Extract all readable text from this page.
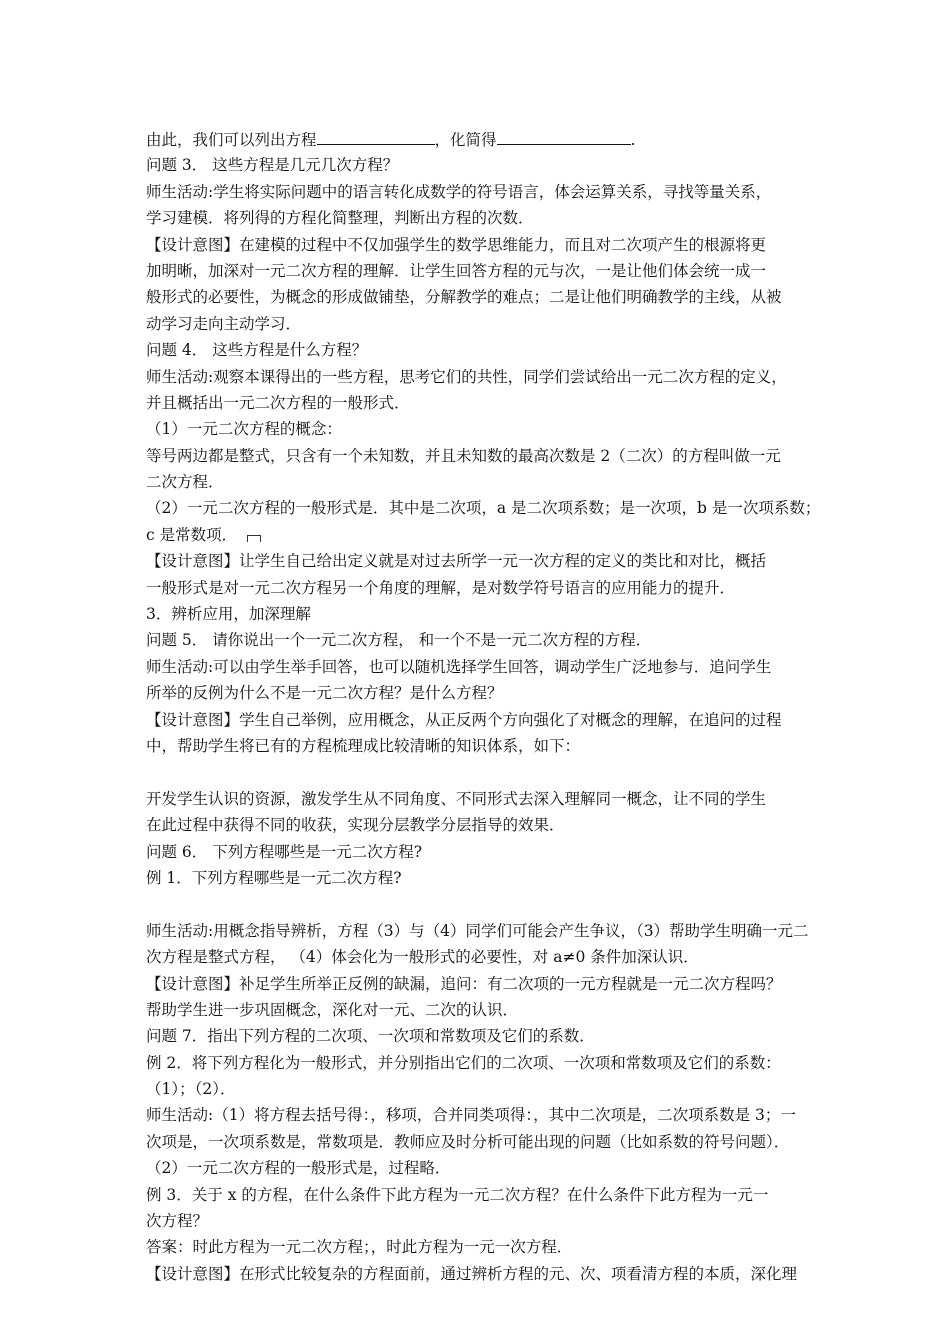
由此，我们可以列出方程	，化简得	.
问题 3． 这些方程是几元几次方程？
师生活动:学生将实际问题中的语言转化成数学的符号语言，体会运算关系，寻找等量关系，
学习建模．将列得的方程化简整理，判断出方程的次数．
【设计意图】在建模的过程中不仅加强学生的数学思维能力，而且对二次项产生的根源将更
加明晰，加深对一元二次方程的理解．让学生回答方程的元与次，一是让他们体会统一成一
般形式的必要性，为概念的形成做铺垫，分解教学的难点；二是让他们明确教学的主线，从被
动学习走向主动学习．
问题 4． 这些方程是什么方程？
师生活动:观察本课得出的一些方程，思考它们的共性，同学们尝试给出一元二次方程的定义，
并且概括出一元二次方程的一般形式．
（1）一元二次方程的概念：
等号两边都是整式，只含有一个未知数，并且未知数的最高次数是 2（二次）的方程叫做一元
二次方程．
（2）一元二次方程的一般形式是．其中是二次项，a 是二次项系数；是一次项，b 是一次项系数；
c 是常数项．
【设计意图】让学生自己给出定义就是对过去所学一元一次方程的定义的类比和对比，概括
一般形式是对一元二次方程另一个角度的理解，是对数学符号语言的应用能力的提升．
3．辨析应用，加深理解
问题 5． 请你说出一个一元二次方程， 和一个不是一元二次方程的方程．
师生活动:可以由学生举手回答，也可以随机选择学生回答，调动学生广泛地参与．追问学生
所举的反例为什么不是一元二次方程？是什么方程？
【设计意图】学生自己举例，应用概念，从正反两个方向强化了对概念的理解，在追问的过程
中，帮助学生将已有的方程梳理成比较清晰的知识体系，如下：
开发学生认识的资源，激发学生从不同角度、不同形式去深入理解同一概念，让不同的学生
在此过程中获得不同的收获，实现分层教学分层指导的效果．
问题 6． 下列方程哪些是一元二次方程?
例 1．下列方程哪些是一元二次方程?
师生活动:用概念指导辨析，方程（3）与（4）同学们可能会产生争议，（3）帮助学生明确一元二
次方程是整式方程， （4）体会化为一般形式的必要性，对 a≠0 条件加深认识．
【设计意图】补足学生所举正反例的缺漏，追问：有二次项的一元方程就是一元二次方程吗？
帮助学生进一步巩固概念，深化对一元、二次的认识．
问题 7．指出下列方程的二次项、一次项和常数项及它们的系数．
例 2．将下列方程化为一般形式，并分别指出它们的二次项、一次项和常数项及它们的系数：
（1）；（2）．
师生活动:（1）将方程去括号得：，移项，合并同类项得：，其中二次项是，二次项系数是 3；一
次项是，一次项系数是，常数项是．教师应及时分析可能出现的问题（比如系数的符号问题）．
（2）一元二次方程的一般形式是，过程略．
例 3．关于 x 的方程，在什么条件下此方程为一元二次方程？在什么条件下此方程为一元一
次方程？
答案：时此方程为一元二次方程；，时此方程为一元一次方程．
【设计意图】在形式比较复杂的方程面前，通过辨析方程的元、次、项看清方程的本质，深化理
